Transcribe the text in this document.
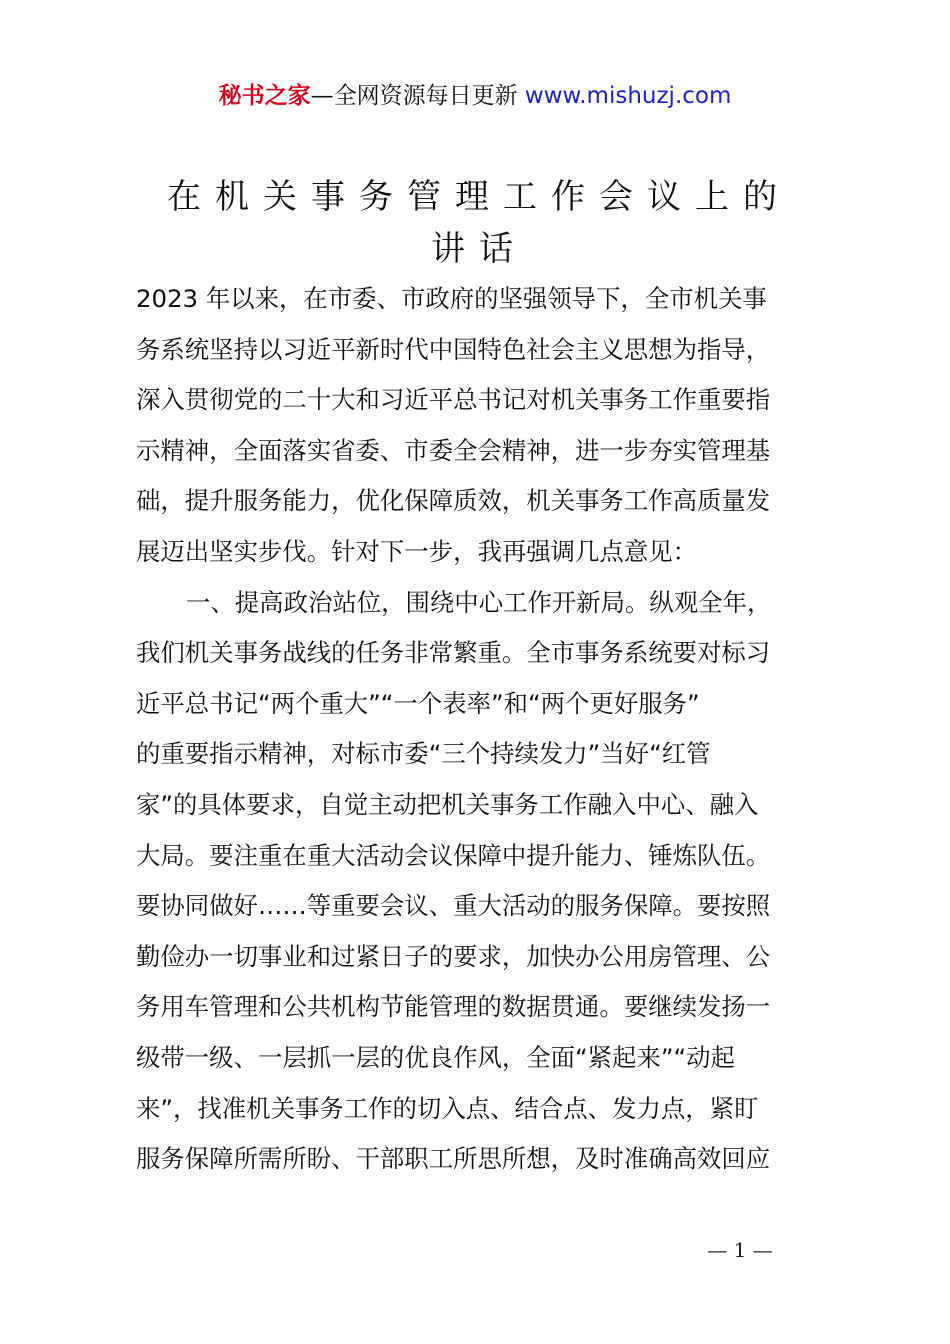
秘书之家—全网资源每日更新 www.mishuzj.com
在机关事务管理工作会议上的
讲话
2023 年以来，在市委、市政府的坚强领导下，全市机关事
务系统坚持以习近平新时代中国特色社会主义思想为指导，
深入贯彻党的二十大和习近平总书记对机关事务工作重要指
示精神，全面落实省委、市委全会精神，进一步夯实管理基
础，提升服务能力，优化保障质效，机关事务工作高质量发
展迈出坚实步伐。针对下一步，我再强调几点意见：
一、提高政治站位，围绕中心工作开新局。纵观全年，
我们机关事务战线的任务非常繁重。全市事务系统要对标习
近平总书记“两个重大”“一个表率”和“两个更好服务”
的重要指示精神，对标市委“三个持续发力”当好“红管
家”的具体要求，自觉主动把机关事务工作融入中心、融入
大局。要注重在重大活动会议保障中提升能力、锤炼队伍。
要协同做好……等重要会议、重大活动的服务保障。要按照
勤俭办一切事业和过紧日子的要求，加快办公用房管理、公
务用车管理和公共机构节能管理的数据贯通。要继续发扬一
级带一级、一层抓一层的优良作风，全面“紧起来”“动起
来”，找准机关事务工作的切入点、结合点、发力点，紧盯
服务保障所需所盼、干部职工所思所想，及时准确高效回应
— 1 —
